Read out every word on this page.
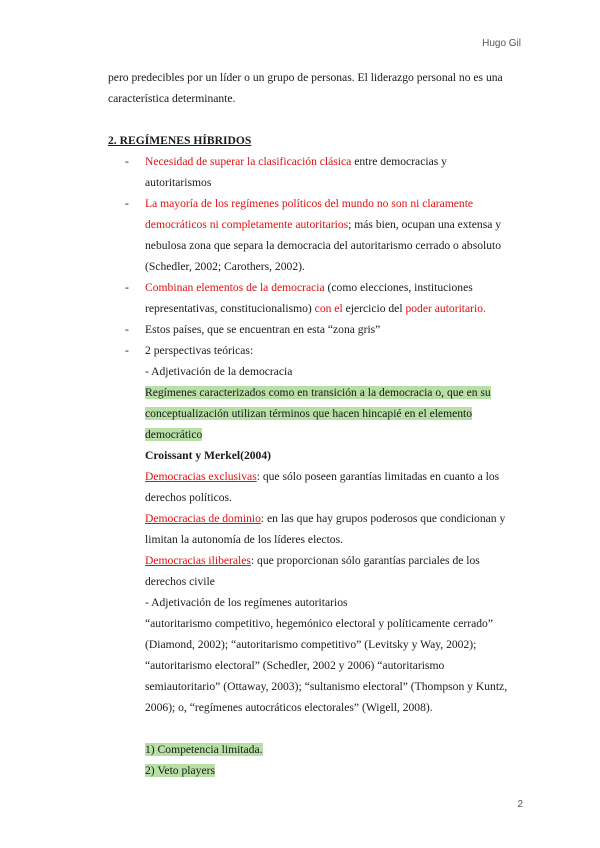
Hugo Gil
pero predecibles por un líder o un grupo de personas. El liderazgo personal no es una
característica determinante.
2. REGÍMENES HÍBRIDOS
- Necesidad de superar la clasificación clásica entre democracias y
autoritarismos
- La mayoría de los regímenes políticos del mundo no son ni claramente
democráticos ni completamente autoritarios; más bien, ocupan una extensa y
nebulosa zona que separa la democracia del autoritarismo cerrado o absoluto
(Schedler, 2002; Carothers, 2002).
- Combinan elementos de la democracia (como elecciones, instituciones
representativas, constitucionalismo) con el ejercicio del poder autoritario.
- Estos países, que se encuentran en esta “zona gris”
- 2 perspectivas teóricas:
- Adjetivación de la democracia
Regímenes caracterizados como en transición a la democracia o, que en su
conceptualización utilizan términos que hacen hincapié en el elemento
democrático
Croissant y Merkel(2004)
Democracias exclusivas: que sólo poseen garantías limitadas en cuanto a los
derechos políticos.
Democracias de dominio: en las que hay grupos poderosos que condicionan y
limitan la autonomía de los líderes electos.
Democracias iliberales: que proporcionan sólo garantías parciales de los
derechos civile
- Adjetivación de los regímenes autoritarios
“autoritarismo competitivo, hegemónico electoral y políticamente cerrado”
(Diamond, 2002); “autoritarismo competitivo” (Levitsky y Way, 2002);
“autoritarismo electoral” (Schedler, 2002 y 2006) “autoritarismo
semiautoritario” (Ottaway, 2003); “sultanismo electoral” (Thompson y Kuntz,
2006); o, “regímenes autocráticos electorales” (Wigell, 2008).
1) Competencia limitada.
2) Veto players
2
